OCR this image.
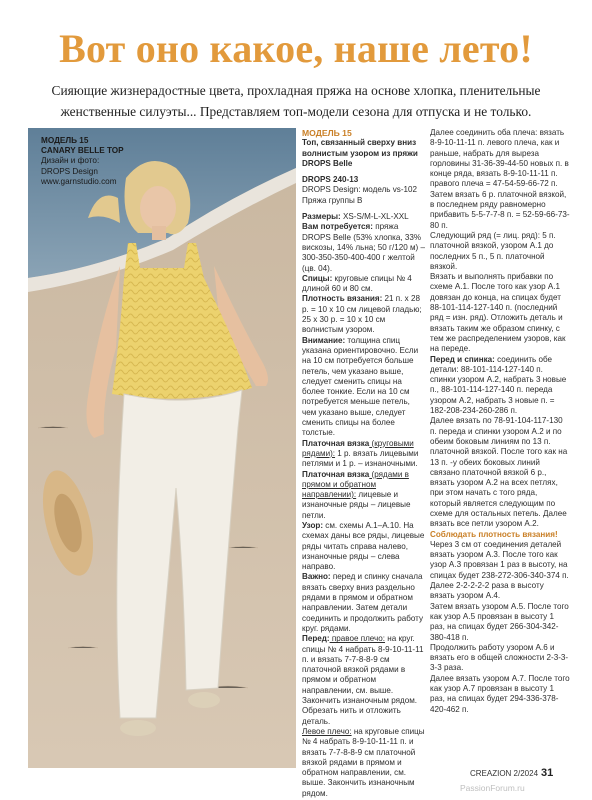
Вот оно какое, наше лето!
Сияющие жизнерадостные цвета, прохладная пряжа на основе хлопка, пленительные женственные силуэты... Представляем топ-модели сезона для отпуска и не только.
МОДЕЛЬ 15
CANARY BELLE TOP
Дизайн и фото:
DROPS Design
www.garnstudio.com

МОДЕЛЬ 15

Топ, связанный сверху вниз волнистым узором из пряжи DROPS Belle

DROPS 240-13

DROPS Design: модель vs-102 Пряжа группы B

Размеры: XS-S/M-L-XL-XXL

Вам потребуется: пряжа DROPS Belle (53% хлопка, 33% вискозы, 14% льна; 50 г/120 м) – 300-350-350-400-400 г желтой (цв. 04).

Спицы: круговые спицы № 4 длиной 60 и 80 см.

Плотность вязания: 21 п. х 28 р. = 10 х 10 см лицевой гладью; 25 х 30 р. = 10 х 10 см волнистым узором.

Внимание: толщина спиц указана ориентировочно. Если на 10 см потребуется больше петель, чем указано выше, следует сменить спицы на более тонкие. Если на 10 см потребуется меньше петель, чем указано выше, следует сменить спицы на более толстые.

Платочная вязка (круговыми рядами): 1 р. вязать лицевыми петлями и 1 р. – изнаночными.

Платочная вязка (рядами в прямом и обратном направлении): лицевые и изнаночные ряды – лицевые петли.

Узор: см. схемы А.1–А.10. На схемах даны все ряды, лицевые ряды читать справа налево, изнаночные ряды – слева направо.

Важно: перед и спинку сначала вязать сверху вниз раздельно рядами в прямом и обратном направлении. Затем детали соединить и продолжить работу круг. рядами.

Перед: правое плечо: на круг. спицы № 4 набрать 8-9-10-11-11 п. и вязать 7-7-8-8-9 см платочной вязкой рядами в прямом и обратном направлении, см. выше. Закончить изнаночным рядом. Обрезать нить и отложить деталь.

Левое плечо: на круговые спицы № 4 набрать 8-9-10-11-11 п. и вязать 7-7-8-8-9 см платочной вязкой рядами в прямом и обратном направлении, см. выше. Закончить изнаночным рядом.

Далее соединить оба плеча: вязать 8-9-10-11-11 п. левого плеча, как и раньше, набрать для выреза горловины 31-36-39-44-50 новых п. в конце ряда, вязать 8-9-10-11-11 п. правого плеча = 47-54-59-66-72 п.

Затем вязать 6 р. платочной вязкой, в последнем ряду равномерно прибавить 5-5-7-7-8 п. = 52-59-66-73-80 п.

Следующий ряд (= лиц. ряд): 5 п. платочной вязкой, узором А.1 до последних 5 п., 5 п. платочной вязкой.

Вязать и выполнять прибавки по схеме А.1. После того как узор А.1 довязан до конца, на спицах будет 88-101-114-127-140 п. (последний ряд = изн. ряд). Отложить деталь и вязать таким же образом спинку, с тем же распределением узоров, как на переде.

Перед и спинка: соединить обе детали: 88-101-114-127-140 п. спинки узором А.2, набрать 3 новые п., 88-101-114-127-140 п. переда узором А.2, набрать 3 новые п. = 182-208-234-260-286 п.

Далее вязать по 78-91-104-117-130 п. переда и спинки узором А.2 и по обеим боковым линиям по 13 п. платочной вязкой. После того как на 13 п. -у обеих боковых линий связано платочной вязкой 6 р., вязать узором А.2 на всех петлях, при этом начать с того ряда, который является следующим по схеме для остальных петель. Далее вязать все петли узором А.2.

Соблюдать плотность вязания!

Через 3 см от соединения деталей вязать узором А.3. После того как узор А.3 провязан 1 раз в высоту, на спицах будет 238-272-306-340-374 п.

Далее 2-2-2-2-2 раза в высоту вязать узором А.4.

Затем вязать узором А.5. После того как узор А.5 провязан в высоту 1 раз, на спицах будет 266-304-342-380-418 п.

Продолжить работу узором А.6 и вязать его в общей сложности 2-3-3-3-3 раза.

Далее вязать узором А.7. После того как узор А.7 провязан в высоту 1 раз, на спицах будет 294-336-378-420-462 п.

CREAZION 2/2024 31
PassionForum.ru
